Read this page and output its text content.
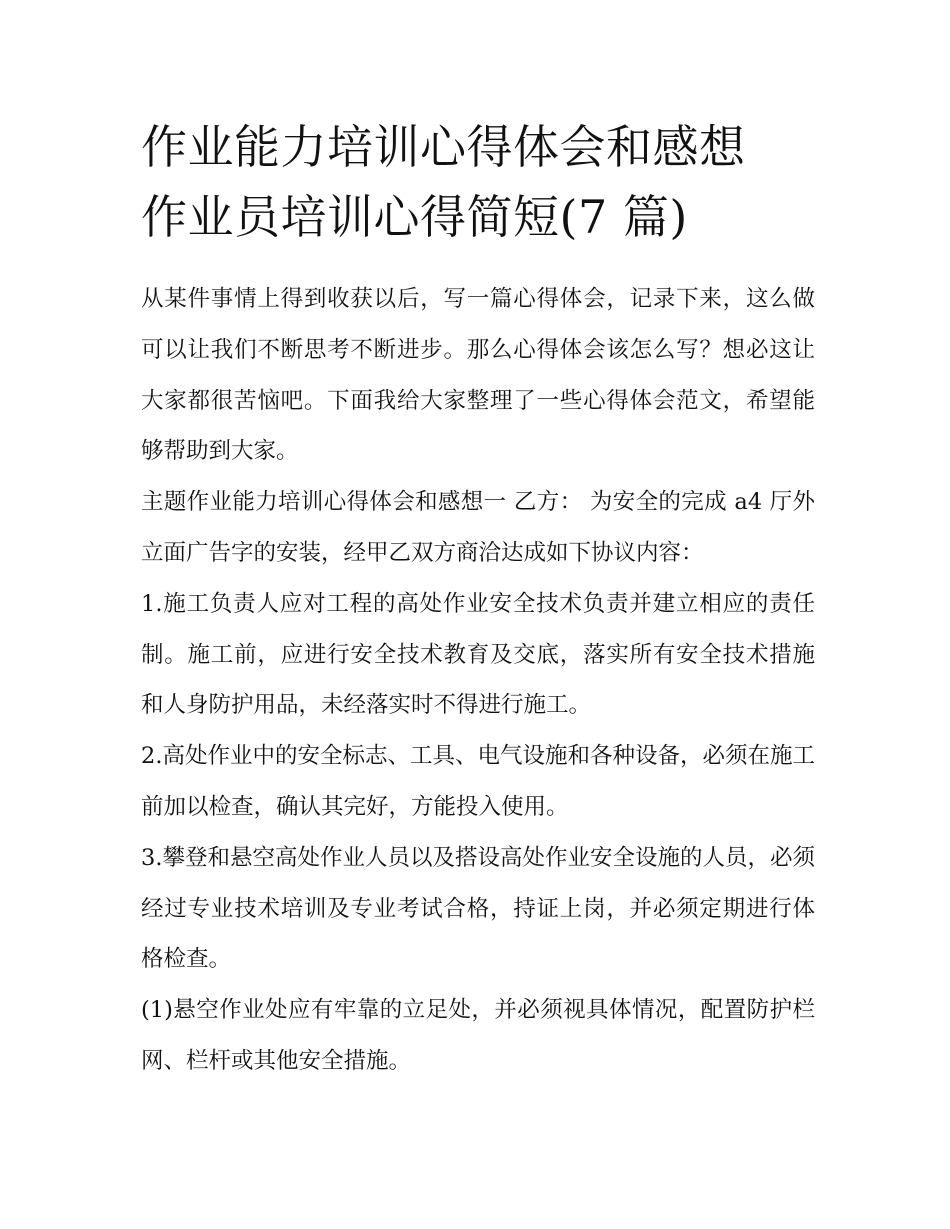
作业能力培训心得体会和感想
作业员培训心得简短(7 篇)

从某件事情上得到收获以后，写一篇心得体会，记录下来，这么做可以让我们不断思考不断进步。那么心得体会该怎么写？想必这让大家都很苦恼吧。下面我给大家整理了一些心得体会范文，希望能够帮助到大家。

主题作业能力培训心得体会和感想一 乙方： 为安全的完成 a4 厅外立面广告字的安装，经甲乙双方商洽达成如下协议内容：

1.施工负责人应对工程的高处作业安全技术负责并建立相应的责任制。施工前，应进行安全技术教育及交底，落实所有安全技术措施和人身防护用品，未经落实时不得进行施工。

2.高处作业中的安全标志、工具、电气设施和各种设备，必须在施工前加以检查，确认其完好，方能投入使用。

3.攀登和悬空高处作业人员以及搭设高处作业安全设施的人员，必须经过专业技术培训及专业考试合格，持证上岗，并必须定期进行体格检查。

(1)悬空作业处应有牢靠的立足处，并必须视具体情况，配置防护栏网、栏杆或其他安全措施。
